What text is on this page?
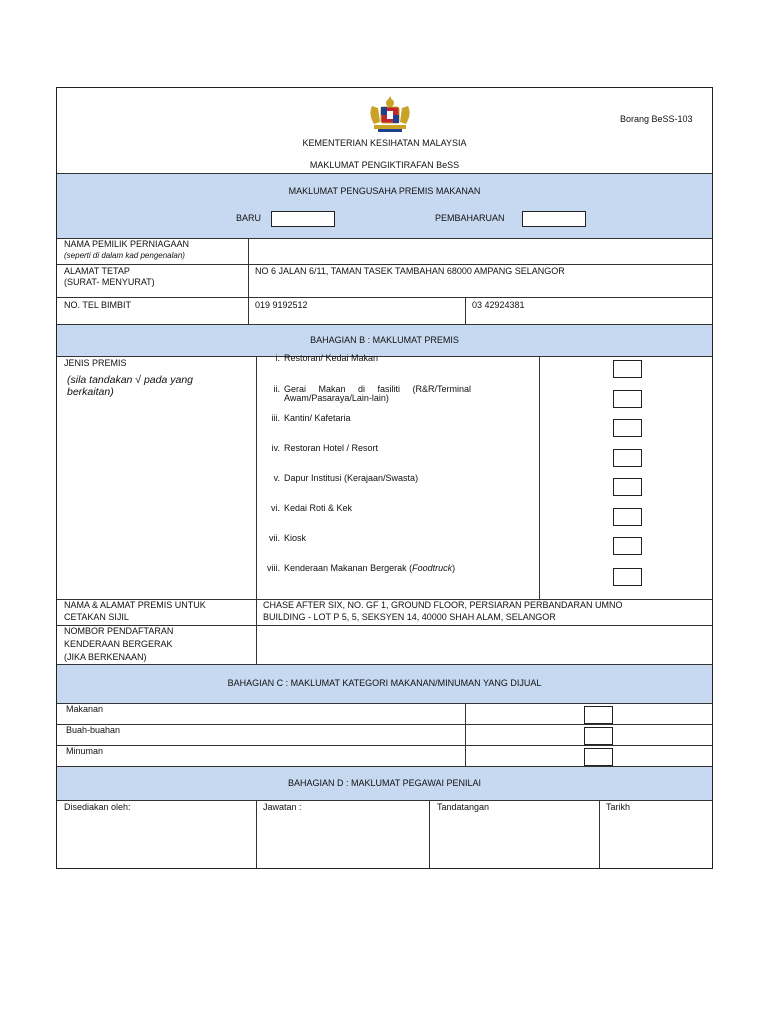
Borang BeSS-103
KEMENTERIAN KESIHATAN MALAYSIA
MAKLUMAT PENGIKTIRAFAN BeSS
MAKLUMAT PENGUSAHA PREMIS MAKANAN
BARU	PEMBAHARUAN
NAMA PEMILIK PERNIAGAAN
(seperti di dalam kad pengenalan)
ALAMAT TETAP
(SURAT- MENYURAT)
NO 6 JALAN 6/11, TAMAN TASEK TAMBAHAN 68000 AMPANG SELANGOR
NO. TEL BIMBIT	019 9192512	03 42924381
BAHAGIAN B : MAKLUMAT PREMIS
JENIS PREMIS
(sila tandakan √ pada yang
berkaitan)
i. Restoran/ Kedai Makan
ii. Gerai     Makan     di     fasiliti     (R&R/Terminal
Awam/Pasaraya/Lain-lain)
iii. Kantin/ Kafetaria
iv. Restoran Hotel / Resort
v. Dapur Institusi (Kerajaan/Swasta)
vi. Kedai Roti & Kek
vii. Kiosk
viii. Kenderaan Makanan Bergerak (Foodtruck)
NAMA & ALAMAT PREMIS UNTUK
CETAKAN SIJIL
CHASE AFTER SIX, NO. GF 1, GROUND FLOOR, PERSIARAN PERBANDARAN UMNO
BUILDING - LOT P 5, 5, SEKSYEN 14, 40000 SHAH ALAM, SELANGOR
NOMBOR PENDAFTARAN
KENDERAAN BERGERAK
(JIKA BERKENAAN)
BAHAGIAN C : MAKLUMAT KATEGORI MAKANAN/MINUMAN YANG DIJUAL
Makanan
Buah-buahan
Minuman
BAHAGIAN D : MAKLUMAT PEGAWAI PENILAI
Disediakan oleh:	Jawatan :	Tandatangan	Tarikh
